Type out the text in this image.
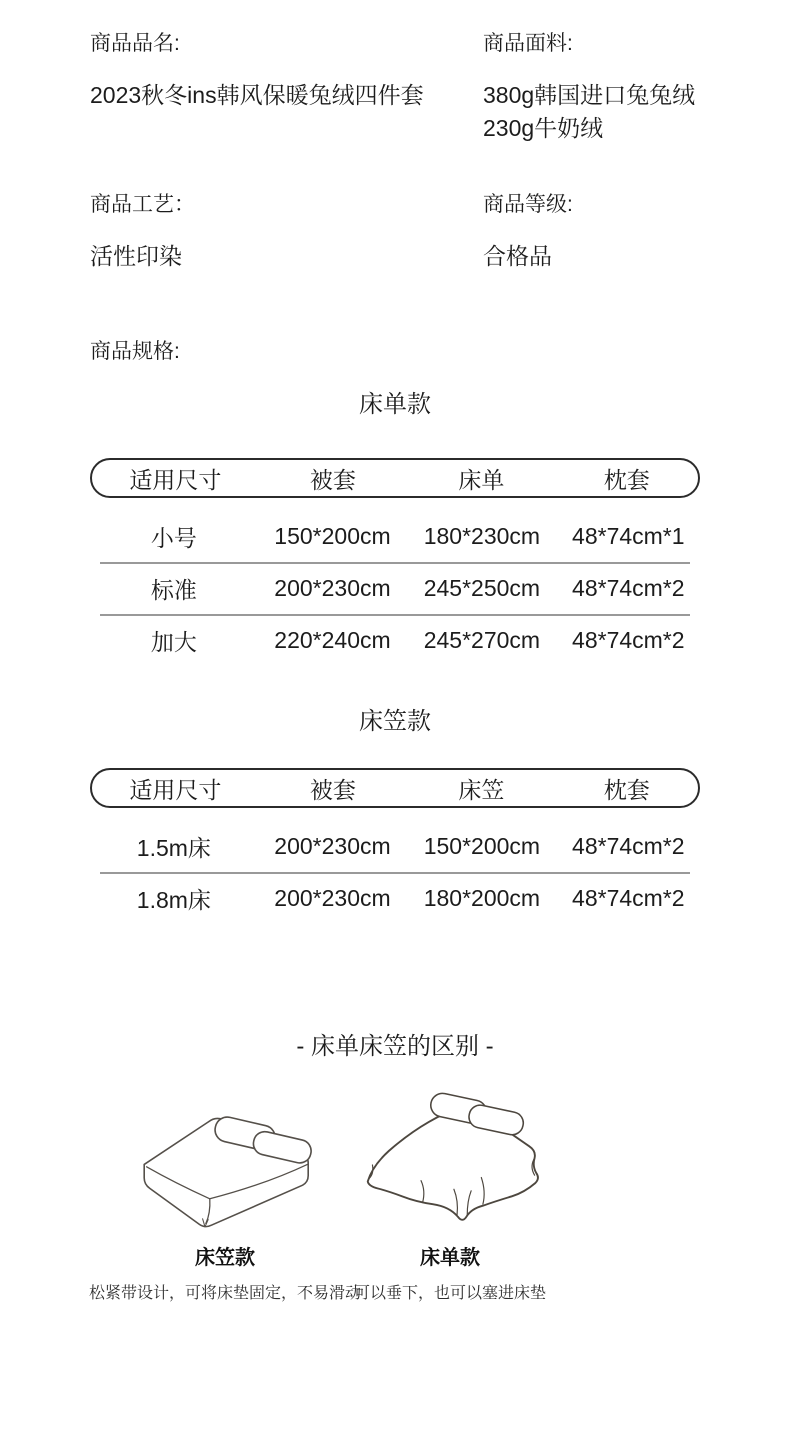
商品品名:
2023秋冬ins韩风保暖兔绒四件套
商品面料:
380g韩国进口兔兔绒
230g牛奶绒
商品工艺：
活性印染
商品等级:
合格品
商品规格:
床单款
适用尺寸	被套	床单	枕套
小号	150*200cm	180*230cm	48*74cm*1
标准	200*230cm	245*250cm	48*74cm*2
加大	220*240cm	245*270cm	48*74cm*2
床笠款
适用尺寸	被套	床笠	枕套
1.5m床	200*230cm	150*200cm	48*74cm*2
1.8m床	200*230cm	180*200cm	48*74cm*2
- 床单床笠的区别 -
床笠款
松紧带设计，可将床垫固定，不易滑动
床单款
可以垂下，也可以塞进床垫
